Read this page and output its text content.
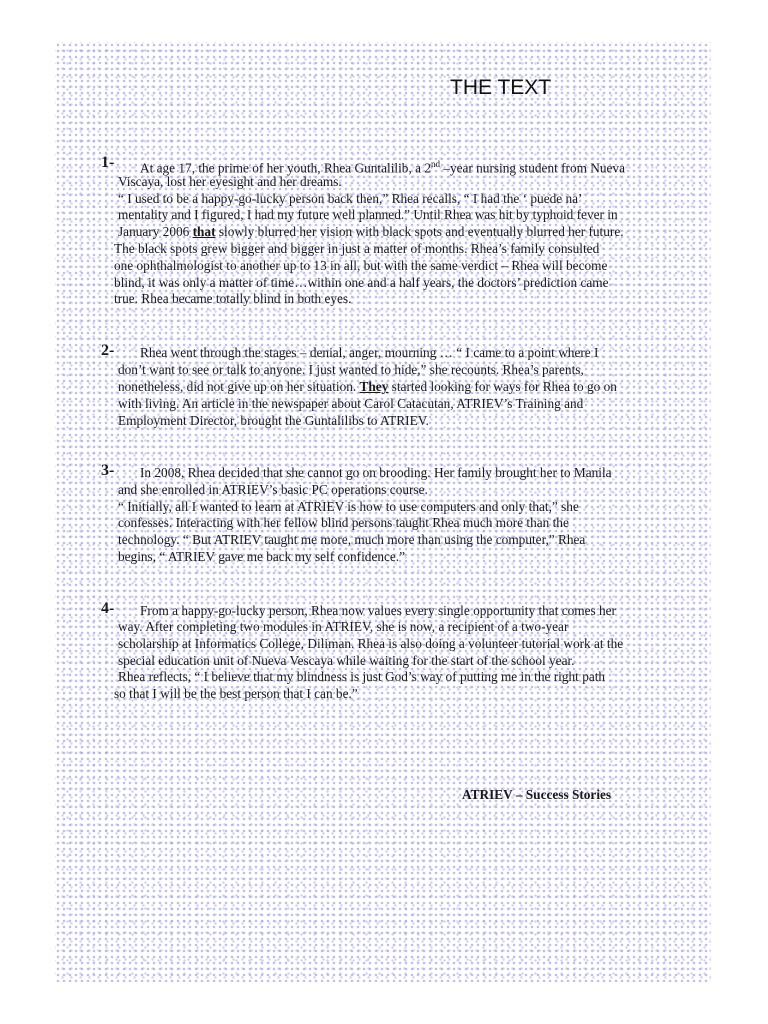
THE TEXT
1- At age 17, the prime of her youth, Rhea Guntalilib, a 2nd –year nursing student from Nueva
Viscaya, lost her eyesight and her dreams.
“ I used to be a happy-go-lucky person back then,” Rhea recalls, “ I had the ‘ puede na’
mentality and I figured, I had my future well planned.” Until Rhea was hit by typhoid fever in
January 2006 that slowly blurred her vision with black spots and eventually blurred her future.
The black spots grew bigger and bigger in just a matter of months. Rhea’s family consulted
one ophthalmologist to another up to 13 in all, but with the same verdict – Rhea will become
blind, it was only a matter of time…within one and a half years, the doctors’ prediction came
true. Rhea became totally blind in both eyes.
2- Rhea went through the stages – denial, anger, mourning … “ I came to a point where I
don’t want to see or talk to anyone. I just wanted to hide,” she recounts. Rhea’s parents,
nonetheless, did not give up on her situation. They started looking for ways for Rhea to go on
with living. An article in the newspaper about Carol Catacutan, ATRIEV’s Training and
Employment Director, brought the Guntalilibs to ATRIEV.
3- In 2008, Rhea decided that she cannot go on brooding. Her family brought her to Manila
and she enrolled in ATRIEV’s basic PC operations course.
“ Initially, all I wanted to learn at ATRIEV is how to use computers and only that,” she
confesses. Interacting with her fellow blind persons taught Rhea much more than the
technology. “ But ATRIEV taught me more, much more than using the computer,” Rhea
begins, “ ATRIEV gave me back my self confidence.”
4- From a happy-go-lucky person, Rhea now values every single opportunity that comes her
way. After completing two modules in ATRIEV, she is now, a recipient of a two-year
scholarship at Informatics College, Diliman. Rhea is also doing a volunteer tutorial work at the
special education unit of Nueva Vescaya while waiting for the start of the school year.
Rhea reflects, “ I believe that my blindness is just God’s way of putting me in the right path
so that I will be the best person that I can be.”
ATRIEV – Success Stories
